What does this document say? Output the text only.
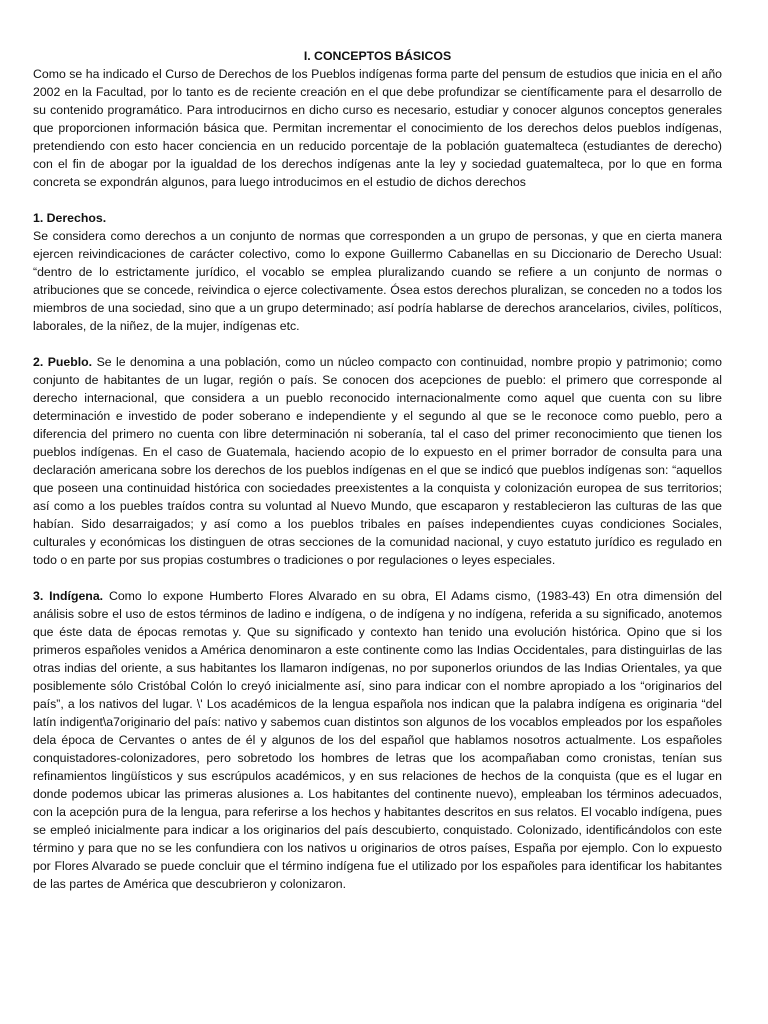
I. CONCEPTOS BÁSICOS

Como se ha indicado el Curso de Derechos de los Pueblos indígenas forma parte del pensum de estudios que inicia en el año 2002 en la Facultad, por lo tanto es de reciente creación en el que debe profundizar se científicamente para el desarrollo de su contenido programático. Para introducirnos en dicho curso es necesario, estudiar y conocer algunos conceptos generales que proporcionen información básica que. Permitan incrementar el conocimiento de los derechos delos pueblos indígenas, pretendiendo con esto hacer conciencia en un reducido porcentaje de la población guatemalteca (estudiantes de derecho) con el fin de abogar por la igualdad de los derechos indígenas ante la ley y sociedad guatemalteca, por lo que en forma concreta se expondrán algunos, para luego introducimos en el estudio de dichos derechos

1. Derechos.

Se considera como derechos a un conjunto de normas que corresponden a un grupo de personas, y que en cierta manera ejercen reivindicaciones de carácter colectivo, como lo expone Guillermo Cabanellas en su Diccionario de Derecho Usual: “dentro de lo estrictamente jurídico, el vocablo se emplea pluralizando cuando se refiere a un conjunto de normas o atribuciones que se concede, reivindica o ejerce colectivamente. Ósea estos derechos pluralizan, se conceden no a todos los miembros de una sociedad, sino que a un grupo determinado; así podría hablarse de derechos arancelarios, civiles, políticos, laborales, de la niñez, de la mujer, indígenas etc.

2. Pueblo. Se le denomina a una población, como un núcleo compacto con continuidad, nombre propio y patrimonio; como conjunto de habitantes de un lugar, región o país. Se conocen dos acepciones de pueblo: el primero que corresponde al derecho internacional, que considera a un pueblo reconocido internacionalmente como aquel que cuenta con su libre determinación e investido de poder soberano e independiente y el segundo al que se le reconoce como pueblo, pero a diferencia del primero no cuenta con libre determinación ni soberanía, tal el caso del primer reconocimiento que tienen los pueblos indígenas. En el caso de Guatemala, haciendo acopio de lo expuesto en el primer borrador de consulta para una declaración americana sobre los derechos de los pueblos indígenas en el que se indicó que pueblos indígenas son: “aquellos que poseen una continuidad histórica con sociedades preexistentes a la conquista y colonización europea de sus territorios; así como a los puebles traídos contra su voluntad al Nuevo Mundo, que escaparon y restablecieron las culturas de las que habían. Sido desarraigados; y así como a los pueblos tribales en países independientes cuyas condiciones Sociales, culturales y económicas los distinguen de otras secciones de la comunidad nacional, y cuyo estatuto jurídico es regulado en todo o en parte por sus propias costumbres o tradiciones o por regulaciones o leyes especiales.

3. Indígena. Como lo expone Humberto Flores Alvarado en su obra, El Adams cismo, (1983-43) En otra dimensión del análisis sobre el uso de estos términos de ladino e indígena, o de indígena y no indígena, referida a su significado, anotemos que éste data de épocas remotas y. Que su significado y contexto han tenido una evolución histórica. Opino que si los primeros españoles venidos a América denominaron a este continente como las Indias Occidentales, para distinguirlas de las otras indias del oriente, a sus habitantes los llamaron indígenas, no por suponerlos oriundos de las Indias Orientales, ya que posiblemente sólo Cristóbal Colón lo creyó inicialmente así, sino para indicar con el nombre apropiado a los “originarios del país”, a los nativos del lugar. \' Los académicos de la lengua española nos indican que la palabra indígena es originaria “del latín indigent\a7originario del país: nativo y sabemos cuan distintos son algunos de los vocablos empleados por los españoles dela época de Cervantes o antes de él y algunos de los del español que hablamos nosotros actualmente. Los españoles conquistadores-colonizadores, pero sobretodo los hombres de letras que los acompañaban como cronistas, tenían sus refinamientos lingüísticos y sus escrúpulos académicos, y en sus relaciones de hechos de la conquista (que es el lugar en donde podemos ubicar las primeras alusiones a. Los habitantes del continente nuevo), empleaban los términos adecuados, con la acepción pura de la lengua, para referirse a los hechos y habitantes descritos en sus relatos. El vocablo indígena, pues se empleó inicialmente para indicar a los originarios del país descubierto, conquistado. Colonizado, identificándolos con este término y para que no se les confundiera con los nativos u originarios de otros países, España por ejemplo. Con lo expuesto por Flores Alvarado se puede concluir que el término indígena fue el utilizado por los españoles para identificar los habitantes de las partes de América que descubrieron y colonizaron.
